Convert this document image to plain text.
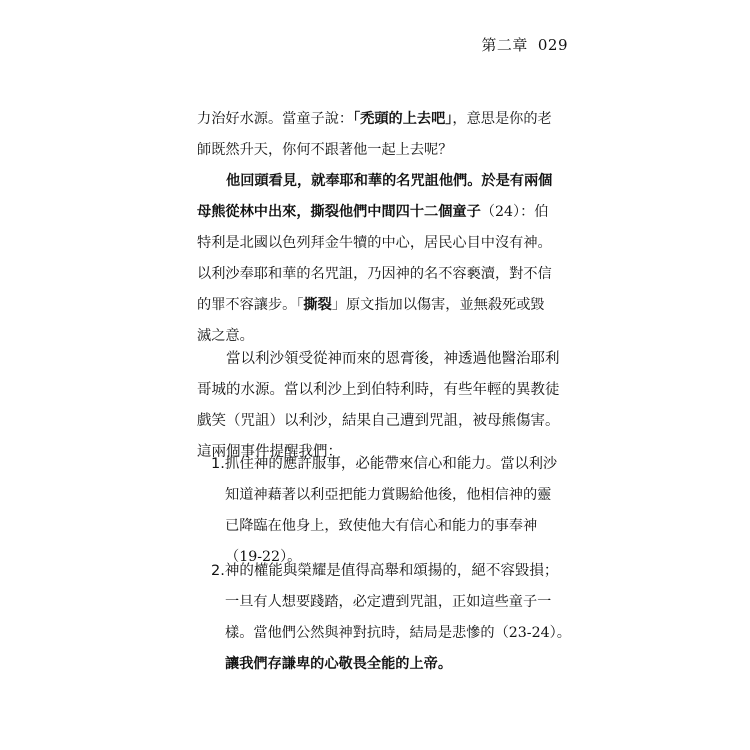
第二章 029
力治好水源。當童子說：「禿頭的上去吧」，意思是你的老
師既然升天，你何不跟著他一起上去呢？
他回頭看見，就奉耶和華的名咒詛他們。於是有兩個
母熊從林中出來，撕裂他們中間四十二個童子（24）：伯
特利是北國以色列拜金牛犢的中心，居民心目中沒有神。
以利沙奉耶和華的名咒詛，乃因神的名不容褻瀆，對不信
的罪不容讓步。「撕裂」原文指加以傷害，並無殺死或毀
滅之意。
當以利沙領受從神而來的恩膏後，神透過他醫治耶利
哥城的水源。當以利沙上到伯特利時，有些年輕的異教徒
戲笑（咒詛）以利沙，結果自己遭到咒詛，被母熊傷害。
這兩個事件提醒我們：
1.抓住神的應許服事，必能帶來信心和能力。當以利沙
知道神藉著以利亞把能力賞賜給他後，他相信神的靈
已降臨在他身上，致使他大有信心和能力的事奉神
（19-22）。
2.神的權能與榮耀是值得高舉和頌揚的，絕不容毀損；
一旦有人想要踐踏，必定遭到咒詛，正如這些童子一
樣。當他們公然與神對抗時，結局是悲慘的（23-24）。
讓我們存謙卑的心敬畏全能的上帝。
